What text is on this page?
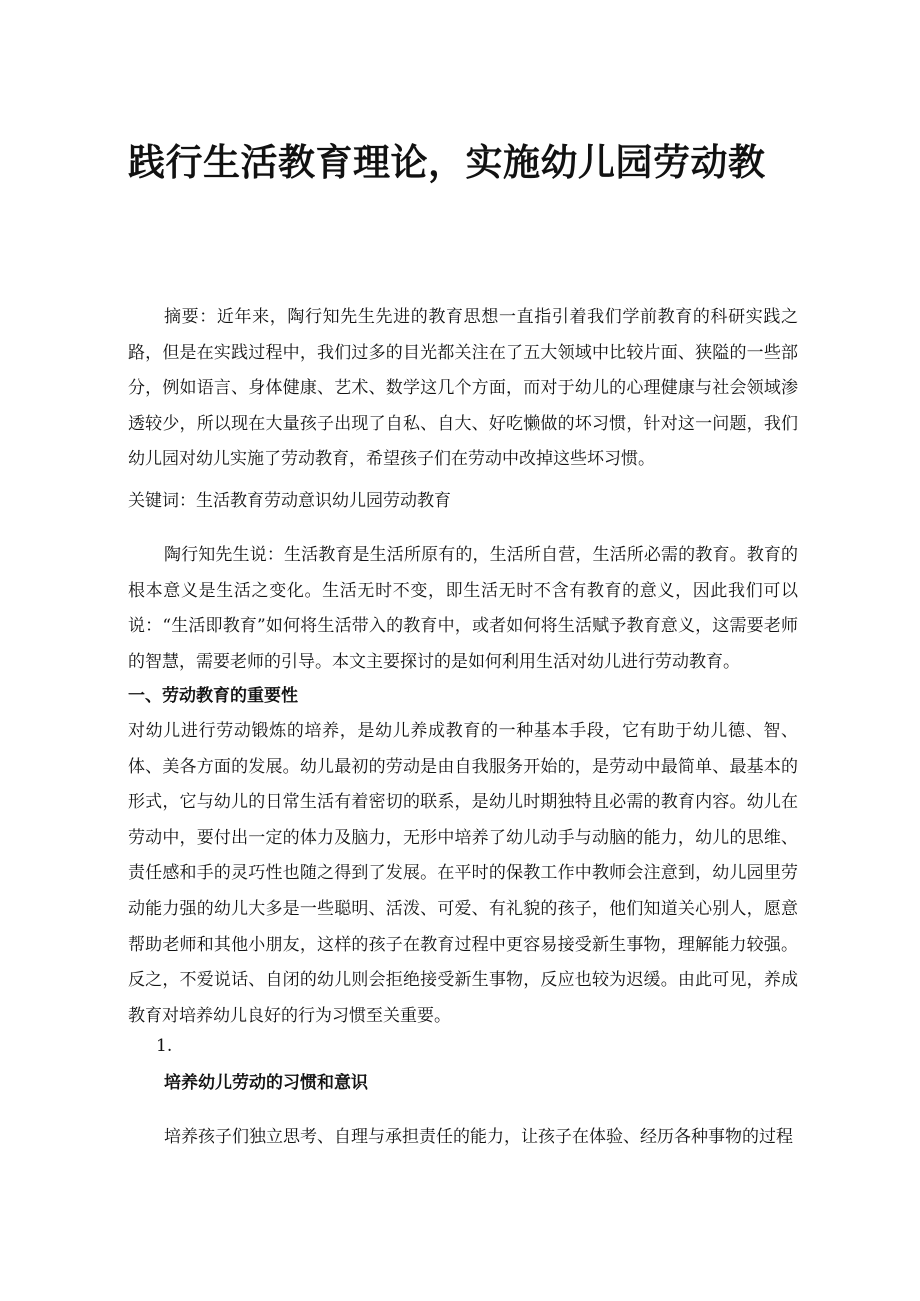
践行生活教育理论，实施幼儿园劳动教

摘要：近年来，陶行知先生先进的教育思想一直指引着我们学前教育的科研实践之路，但是在实践过程中，我们过多的目光都关注在了五大领域中比较片面、狭隘的一些部分，例如语言、身体健康、艺术、数学这几个方面，而对于幼儿的心理健康与社会领域渗透较少，所以现在大量孩子出现了自私、自大、好吃懒做的坏习惯，针对这一问题，我们幼儿园对幼儿实施了劳动教育，希望孩子们在劳动中改掉这些坏习惯。

关键词：生活教育劳动意识幼儿园劳动教育

陶行知先生说：生活教育是生活所原有的，生活所自营，生活所必需的教育。教育的根本意义是生活之变化。生活无时不变，即生活无时不含有教育的意义，因此我们可以说：“生活即教育”如何将生活带入的教育中，或者如何将生活赋予教育意义，这需要老师的智慧，需要老师的引导。本文主要探讨的是如何利用生活对幼儿进行劳动教育。

一、劳动教育的重要性

对幼儿进行劳动锻炼的培养，是幼儿养成教育的一种基本手段，它有助于幼儿德、智、体、美各方面的发展。幼儿最初的劳动是由自我服务开始的，是劳动中最简单、最基本的形式，它与幼儿的日常生活有着密切的联系，是幼儿时期独特且必需的教育内容。幼儿在劳动中，要付出一定的体力及脑力，无形中培养了幼儿动手与动脑的能力，幼儿的思维、责任感和手的灵巧性也随之得到了发展。在平时的保教工作中教师会注意到，幼儿园里劳动能力强的幼儿大多是一些聪明、活泼、可爱、有礼貌的孩子，他们知道关心别人，愿意帮助老师和其他小朋友，这样的孩子在教育过程中更容易接受新生事物，理解能力较强。反之，不爱说话、自闭的幼儿则会拒绝接受新生事物，反应也较为迟缓。由此可见，养成教育对培养幼儿良好的行为习惯至关重要。

1.

培养幼儿劳动的习惯和意识

培养孩子们独立思考、自理与承担责任的能力，让孩子在体验、经历各种事物的过程
